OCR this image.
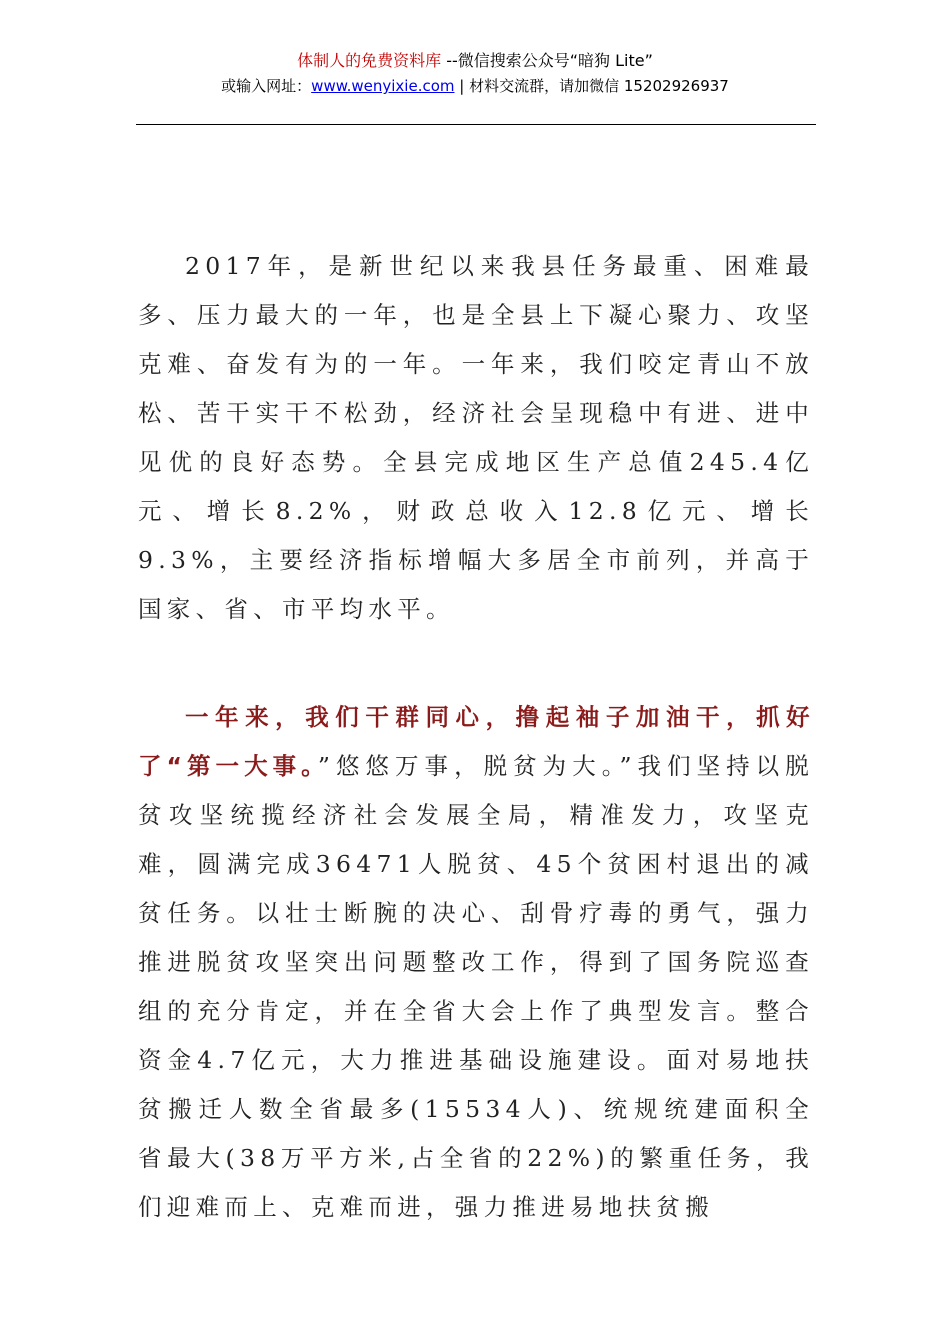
体制人的免费资料库 --微信搜索公众号“暗狗 Lite”
或输入网址：www.wenyixie.com | 材料交流群，请加微信 15202926937

2017年，是新世纪以来我县任务最重、困难最多、压力最大的一年，也是全县上下凝心聚力、攻坚克难、奋发有为的一年。一年来，我们咬定青山不放松、苦干实干不松劲，经济社会呈现稳中有进、进中见优的良好态势。全县完成地区生产总值245.4亿元、增长8.2%，财政总收入12.8亿元、增长9.3%，主要经济指标增幅大多居全市前列，并高于国家、省、市平均水平。

一年来，我们干群同心，撸起袖子加油干，抓好了“第一大事。”悠悠万事，脱贫为大。”我们坚持以脱贫攻坚统揽经济社会发展全局，精准发力，攻坚克难，圆满完成36471人脱贫、45个贫困村退出的减贫任务。以壮士断腕的决心、刮骨疗毒的勇气，强力推进脱贫攻坚突出问题整改工作，得到了国务院巡查组的充分肯定，并在全省大会上作了典型发言。整合资金4.7亿元，大力推进基础设施建设。面对易地扶贫搬迁人数全省最多(15534人)、统规统建面积全省最大(38万平方米,占全省的22%)的繁重任务，我们迎难而上、克难而进，强力推进易地扶贫搬
